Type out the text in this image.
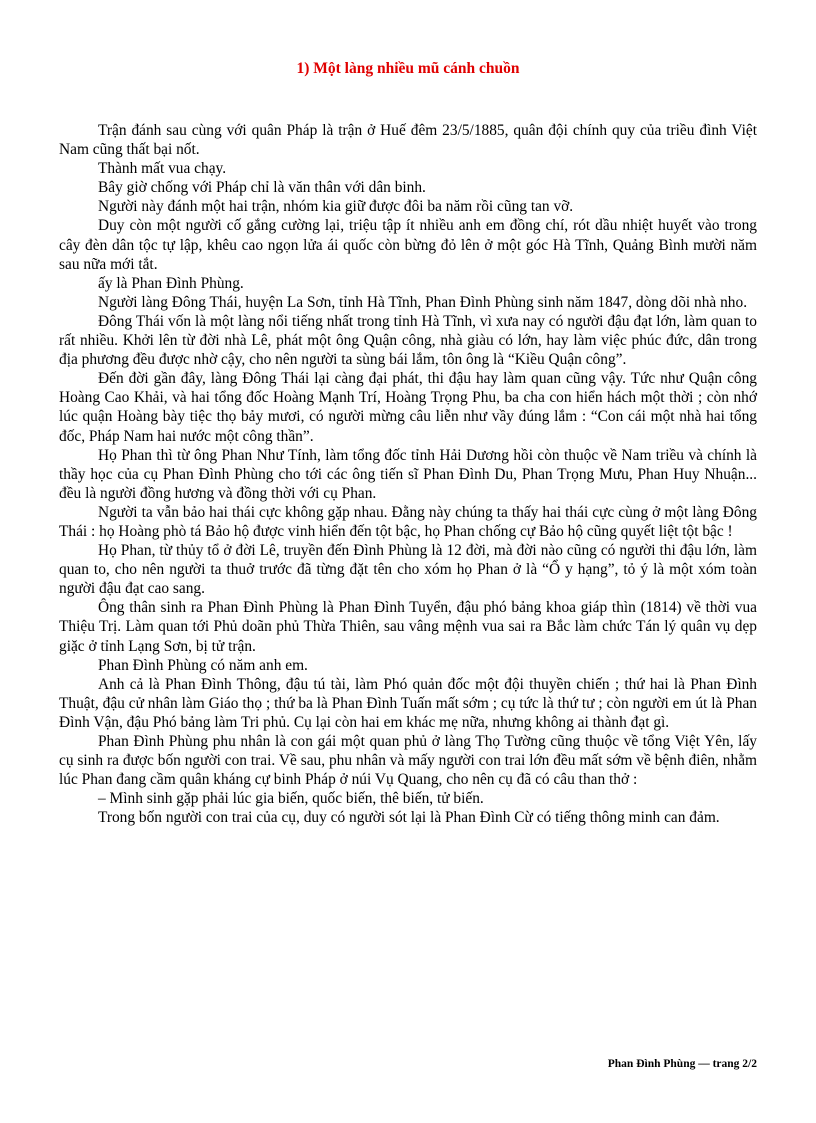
1) Một làng nhiều mũ cánh chuồn

Trận đánh sau cùng với quân Pháp là trận ở Huế đêm 23/5/1885, quân đội chính quy của triều đình Việt Nam cũng thất bại nốt.

Thành mất vua chạy.

Bây giờ chống với Pháp chỉ là văn thân với dân binh.

Người này đánh một hai trận, nhóm kia giữ được đôi ba năm rồi cũng tan vỡ.

Duy còn một người cố gắng cường lại, triệu tập ít nhiều anh em đồng chí, rót dầu nhiệt huyết vào trong cây đèn dân tộc tự lập, khêu cao ngọn lửa ái quốc còn bừng đỏ lên ở một góc Hà Tĩnh, Quảng Bình mười năm sau nữa mới tắt.

ấy là Phan Đình Phùng.

Người làng Đông Thái, huyện La Sơn, tỉnh Hà Tĩnh, Phan Đình Phùng sinh năm 1847, dòng dõi nhà nho.

Đông Thái vốn là một làng nổi tiếng nhất trong tỉnh Hà Tĩnh, vì xưa nay có người đậu đạt lớn, làm quan to rất nhiều. Khởi lên từ đời nhà Lê, phát một ông Quận công, nhà giàu có lớn, hay làm việc phúc đức, dân trong địa phương đều được nhờ cậy, cho nên người ta sùng bái lắm, tôn ông là “Kiều Quận công”.

Đến đời gần đây, làng Đông Thái lại càng đại phát, thi đậu hay làm quan cũng vậy. Tức như Quận công Hoàng Cao Khải, và hai tổng đốc Hoàng Mạnh Trí, Hoàng Trọng Phu, ba cha con hiển hách một thời ; còn nhớ lúc quận Hoàng bày tiệc thọ bảy mươi, có người mừng câu liễn như vầy đúng lắm : “Con cái một nhà hai tổng đốc, Pháp Nam hai nước một công thần”.

Họ Phan thì từ ông Phan Như Tính, làm tổng đốc tỉnh Hải Dương hồi còn thuộc về Nam triều và chính là thầy học của cụ Phan Đình Phùng cho tới các ông tiến sĩ Phan Đình Du, Phan Trọng Mưu, Phan Huy Nhuận... đều là người đồng hương và đồng thời với cụ Phan.

Người ta vẫn bảo hai thái cực không gặp nhau. Đằng này chúng ta thấy hai thái cực cùng ở một làng Đông Thái : họ Hoàng phò tá Bảo hộ được vinh hiển đến tột bậc, họ Phan chống cự Bảo hộ cũng quyết liệt tột bậc !

Họ Phan, từ thủy tổ ở đời Lê, truyền đến Đình Phùng là 12 đời, mà đời nào cũng có người thi đậu lớn, làm quan to, cho nên người ta thuở trước đã từng đặt tên cho xóm họ Phan ở là “Ổ y hạng”, tỏ ý là một xóm toàn người đậu đạt cao sang.

Ông thân sinh ra Phan Đình Phùng là Phan Đình Tuyển, đậu phó bảng khoa giáp thìn (1814) về thời vua Thiệu Trị. Làm quan tới Phủ doãn phủ Thừa Thiên, sau vâng mệnh vua sai ra Bắc làm chức Tán lý quân vụ dẹp giặc ở tỉnh Lạng Sơn, bị tử trận.

Phan Đình Phùng có năm anh em.

Anh cả là Phan Đình Thông, đậu tú tài, làm Phó quản đốc một đội thuyền chiến ; thứ hai là Phan Đình Thuật, đậu cử nhân làm Giáo thọ ; thứ ba là Phan Đình Tuấn mất sớm ; cụ tức là thứ tư ; còn người em út là Phan Đình Vận, đậu Phó bảng làm Tri phủ. Cụ lại còn hai em khác mẹ nữa, nhưng không ai thành đạt gì.

Phan Đình Phùng phu nhân là con gái một quan phủ ở làng Thọ Tường cũng thuộc về tổng Việt Yên, lấy cụ sinh ra được bốn người con trai. Về sau, phu nhân và mấy người con trai lớn đều mất sớm về bệnh điên, nhằm lúc Phan đang cầm quân kháng cự binh Pháp ở núi Vụ Quang, cho nên cụ đã có câu than thở :

– Mình sinh gặp phải lúc gia biến, quốc biến, thê biến, tử biến.

Trong bốn người con trai của cụ, duy có người sót lại là Phan Đình Cừ có tiếng thông minh can đảm.

Phan Đình Phùng — trang 2/2
